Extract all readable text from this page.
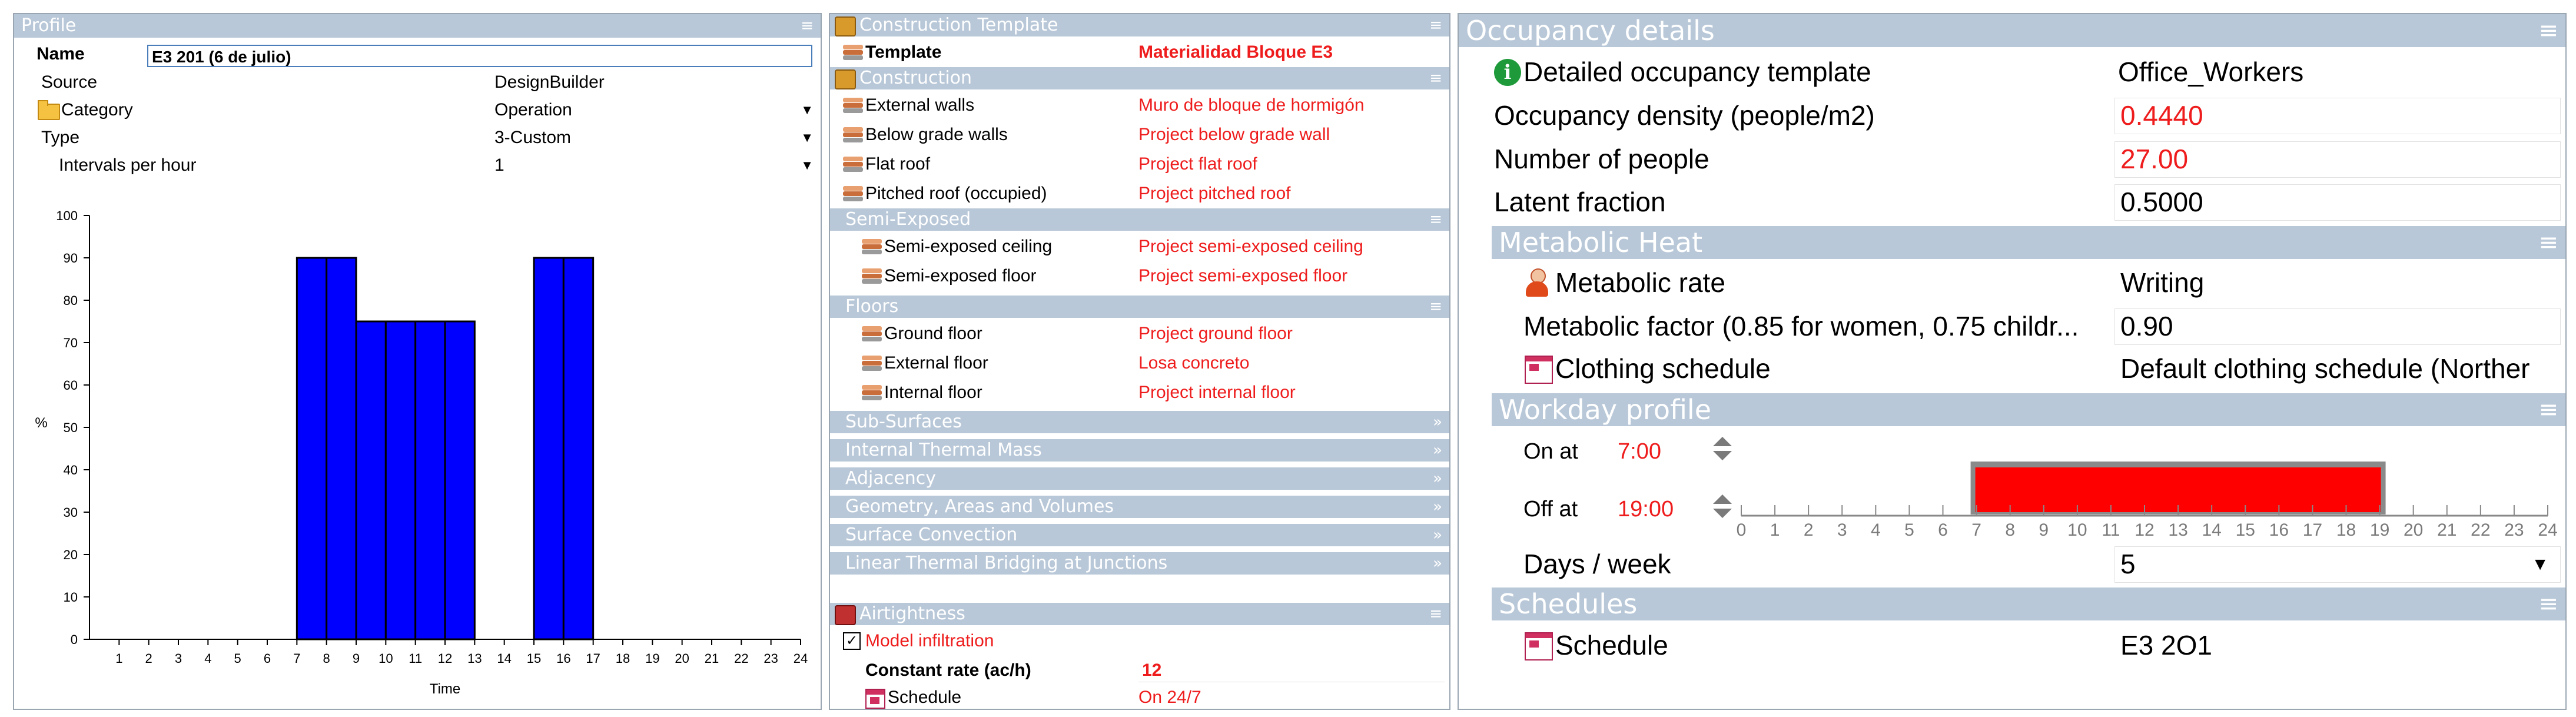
Profile	≡
Name	E3 201 (6 de julio)
Source	DesignBuilder
Category	Operation	▼
Type	3-Custom	▼
Intervals per hour	1	▼
0
10
20
30
40
50
60
70
80
90
100
1 2 3 4 5 6 7 8 9 10 11 12 13 14 15 16 17 18 19 20 21 22 23 24
Time
%
Construction Template	≡
Template	Materialidad Bloque E3
Construction	≡
External walls	Muro de bloque de hormigón
Below grade walls	Project below grade wall
Flat roof	Project flat roof
Pitched roof (occupied)	Project pitched roof
Semi-Exposed	≡
Semi-exposed ceiling	Project semi-exposed ceiling
Semi-exposed floor	Project semi-exposed floor
Floors	≡
Ground floor	Project ground floor
External floor	Losa concreto
Internal floor	Project internal floor
Sub-Surfaces	»
Internal Thermal Mass	»
Adjacency	»
Geometry, Areas and Volumes	»
Surface Convection	»
Linear Thermal Bridging at Junctions	»
Airtightness	≡
✓ Model infiltration
Constant rate (ac/h)	12
Schedule	On 24/7
Occupancy details	≡
i Detailed occupancy template	Office_Workers
Occupancy density (people/m2)	0.4440
Number of people	27.00
Latent fraction	0.5000
Metabolic Heat	≡
Metabolic rate	Writing
Metabolic factor (0.85 for women, 0.75 childr... 0.90
Clothing schedule	Default clothing schedule (Norther
Workday profile	≡
On at 7:00
Off at 19:00
0 1 2 3 4 5 6 7 8 9 10 11 12 13 14 15 16 17 18 19 20 21 22 23 24
Days / week	5	▼
Schedules	≡
Schedule	E3 2O1
